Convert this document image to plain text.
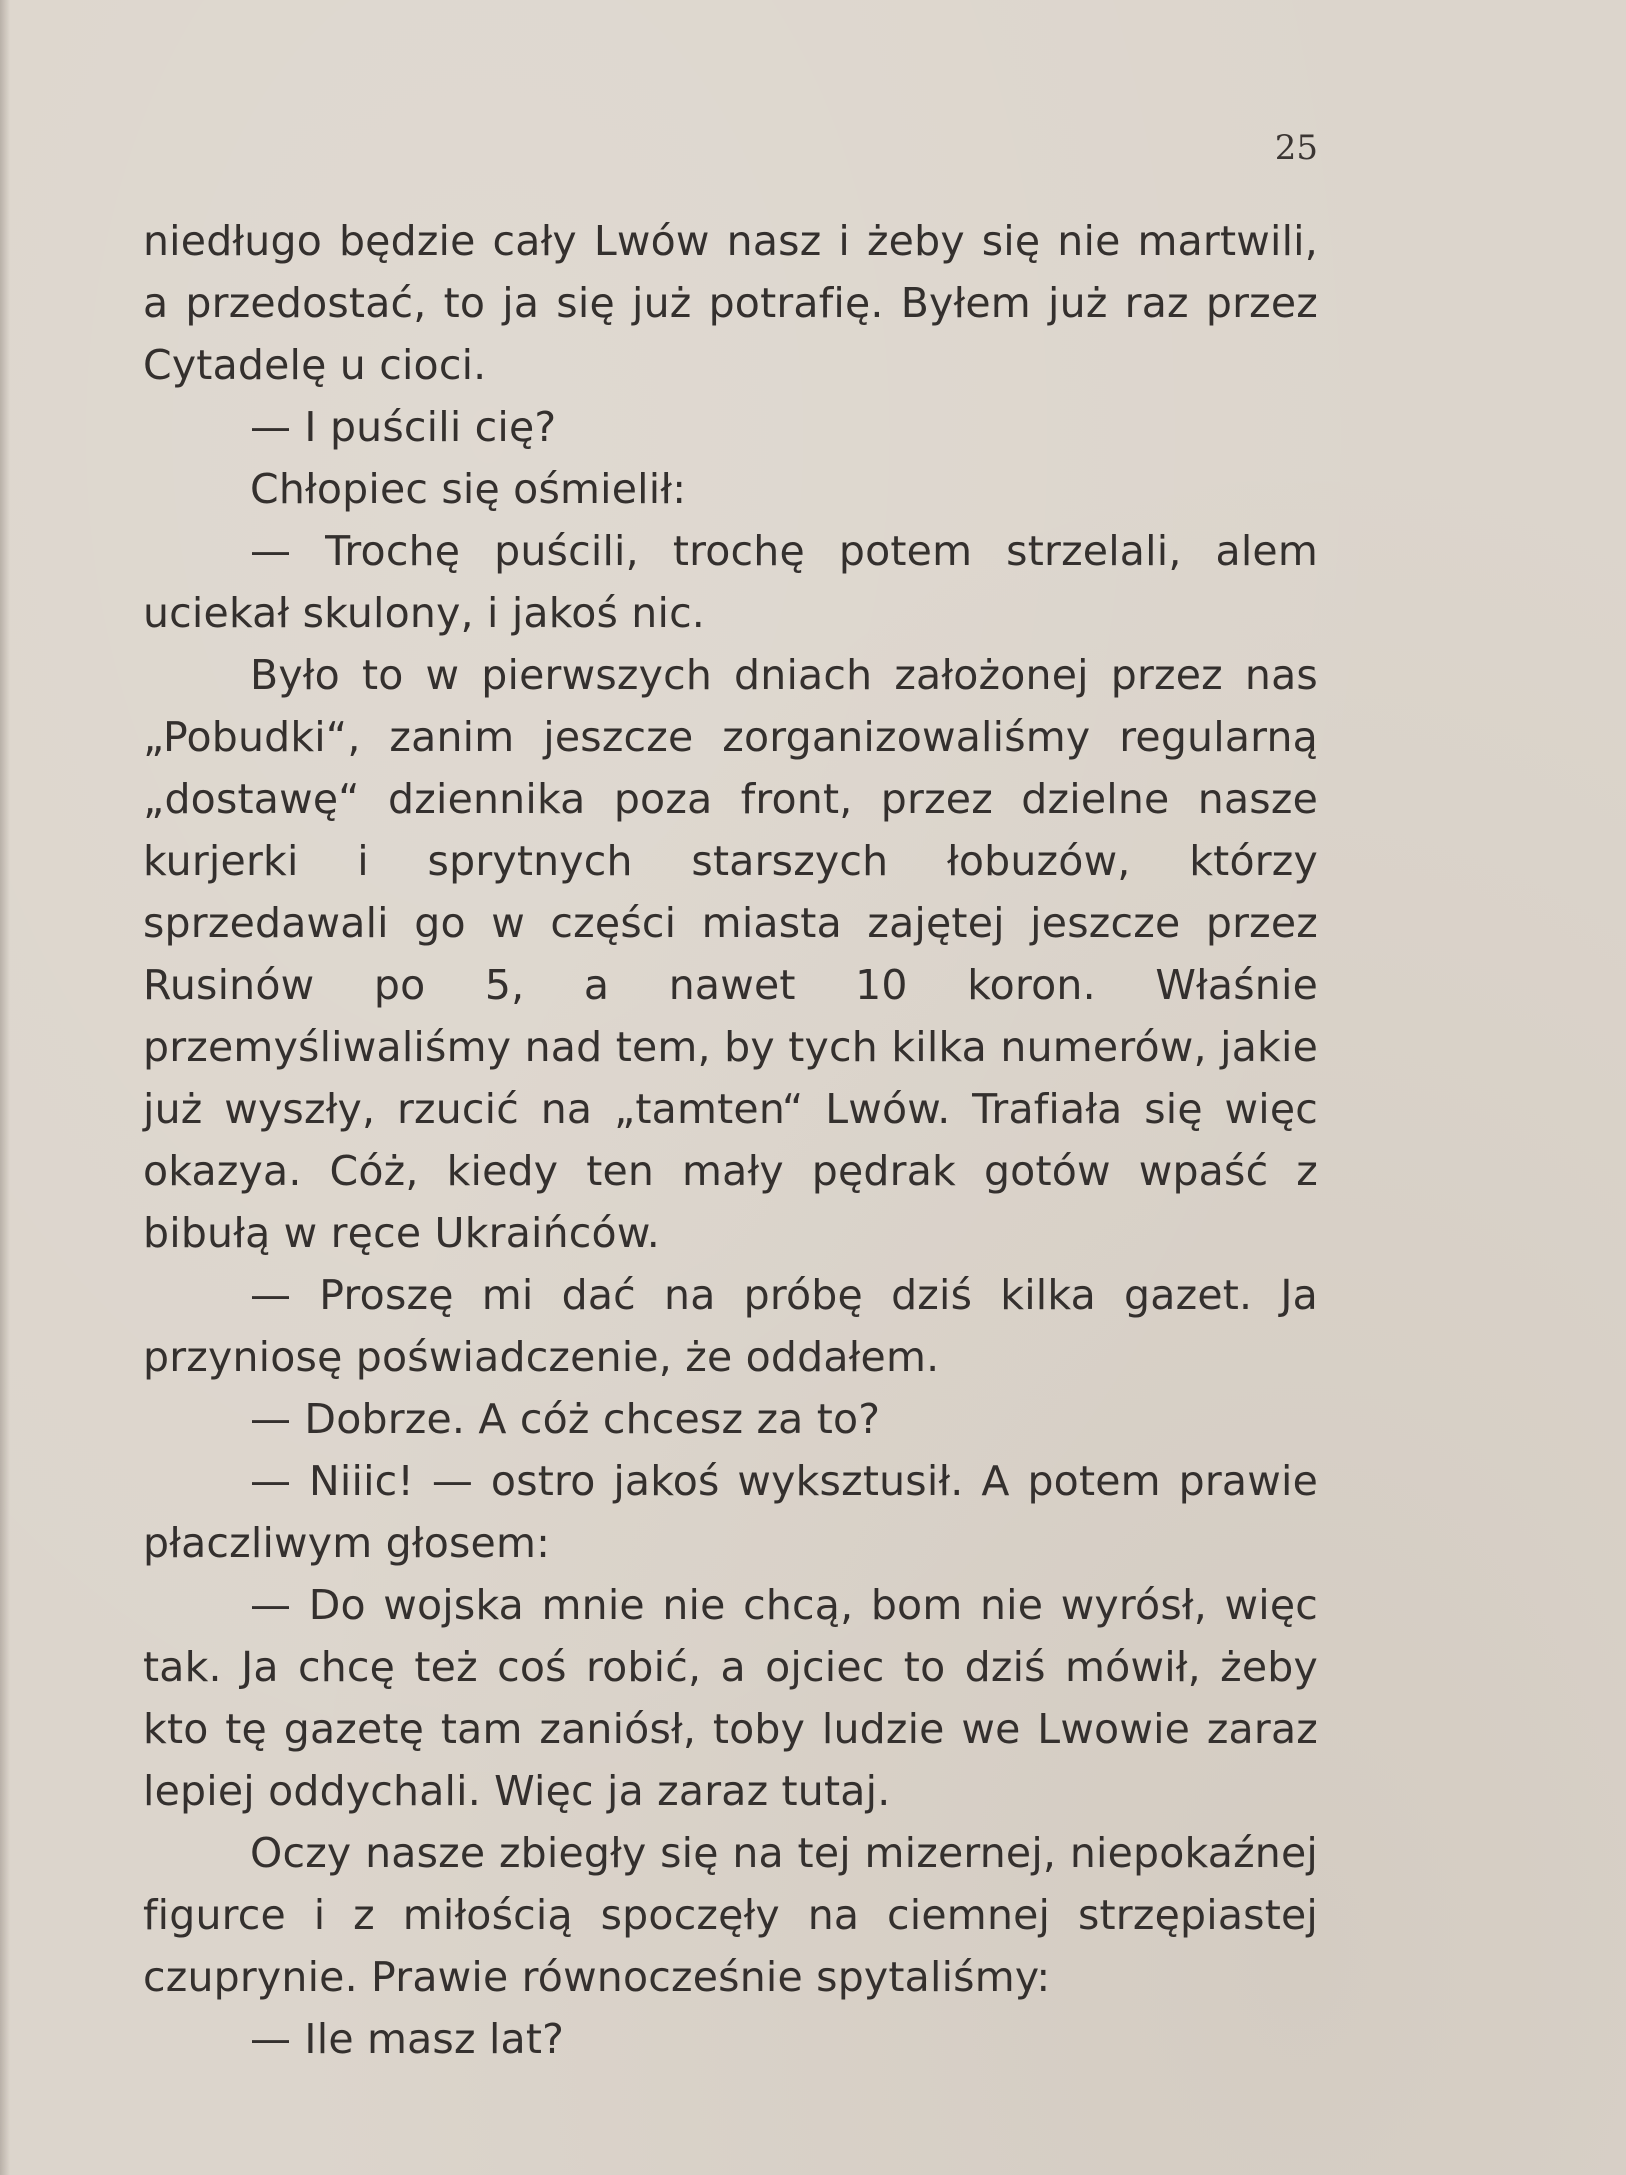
25

niedługo będzie cały Lwów nasz i żeby się nie martwili, a przedostać, to ja się już potrafię. Byłem już raz przez Cytadelę u cioci.

— I puścili cię?

Chłopiec się ośmielił:

— Trochę puścili, trochę potem strzelali, alem uciekał skulony, i jakoś nic.

Było to w pierwszych dniach założonej przez nas „Pobudki“, zanim jeszcze zorganizowaliśmy regularną „dostawę“ dziennika poza front, przez dzielne nasze kurjerki i sprytnych starszych łobuzów, którzy sprzedawali go w części miasta zajętej jeszcze przez Rusinów po 5, a nawet 10 koron. Właśnie przemyśliwaliśmy nad tem, by tych kilka numerów, jakie już wyszły, rzucić na „tamten“ Lwów. Trafiała się więc okazya. Cóż, kiedy ten mały pędrak gotów wpaść z bibułą w ręce Ukraińców.

— Proszę mi dać na próbę dziś kilka gazet. Ja przyniosę poświadczenie, że oddałem.

— Dobrze. A cóż chcesz za to?

— Niiic! — ostro jakoś wyksztusił. A potem prawie płaczliwym głosem:

— Do wojska mnie nie chcą, bom nie wyrósł, więc tak. Ja chcę też coś robić, a ojciec to dziś mówił, żeby kto tę gazetę tam zaniósł, toby ludzie we Lwowie zaraz lepiej oddychali. Więc ja zaraz tutaj.

Oczy nasze zbiegły się na tej mizernej, niepokaźnej figurce i z miłością spoczęły na ciemnej strzępiastej czuprynie. Prawie równocześnie spytaliśmy:

— Ile masz lat?
